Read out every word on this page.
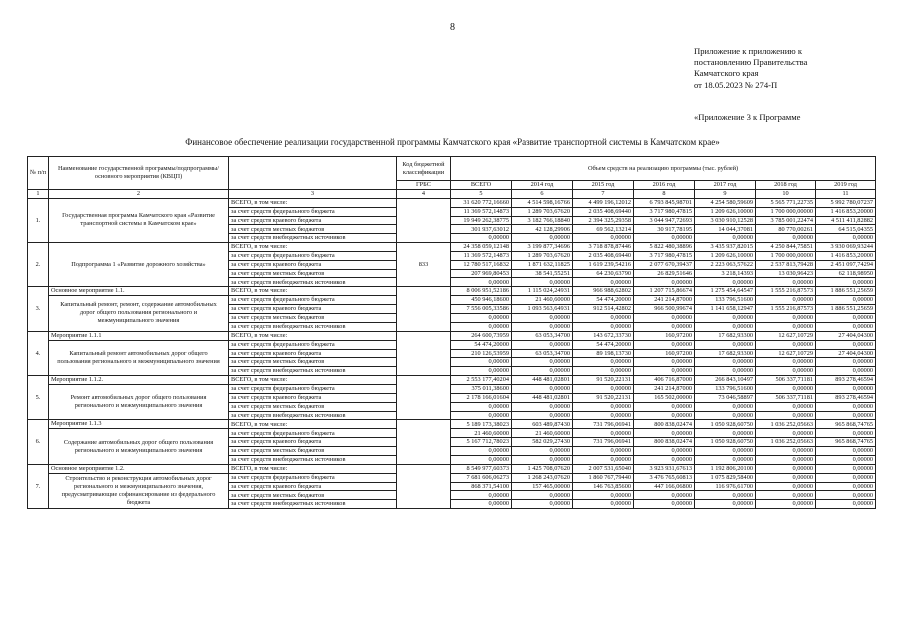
8
Приложение к приложению к
постановлению Правительства
Камчатского края
от 18.05.2023 № 274-П
«Приложение 3 к Программе
Финансовое обеспечение реализации государственной программы Камчатского края «Развитие транспортной системы в Камчатском крае»
№ п/п	Наименование государственной программы/подпрограммы/основного мероприятия (КВЦП)		Код бюджетной классификации	Объем средств на реализацию программы (тыс. рублей)						
			ГРБС	ВСЕГО	2014 год	2015 год	2016 год	2017 год	2018 год	2019 год
1	2	3	4	5	6	7	8	9	10	11
1.	Государственная программа Камчатского края «Развитие транспортной системы в Камчатском крае»	ВСЕГО, в том числе:		31 620 772,16660	4 514 598,16766	4 499 196,12012	6 793 845,98701	4 254 580,59609	5 565 771,22735	5 992 780,07237
		за счет средств федерального бюджета		11 369 572,14873	1 289 703,67620	2 035 408,69440	3 717 980,47815	1 209 626,10000	1 700 000,00000	1 416 853,20000
		за счет средств краевого бюджета		19 949 262,38775	3 182 766,18840	2 394 325,29358	3 044 947,72693	3 030 910,12528	3 785 001,22474	4 511 411,82882
		за счет средств местных бюджетов		301 937,63012	42 128,29906	69 562,13214	30 917,78195	14 044,37081	80 770,00261	64 515,04355
		за счет средств внебюджетных источников		0,00000	0,00000	0,00000	0,00000	0,00000	0,00000	0,00000
2.	Подпрограмма 1 «Развитие дорожного хозяйства»	ВСЕГО, в том числе:	833	24 358 059,12148	3 199 877,34696	3 718 878,87446	5 822 480,38896	3 435 937,82015	4 250 844,75851	3 930 069,93244
		за счет средств федерального бюджета		11 369 572,14873	1 289 703,67620	2 035 408,69440	3 717 980,47815	1 209 626,10000	1 700 000,00000	1 416 853,20000
		за счет средств краевого бюджета		12 780 517,16832	1 871 632,11825	1 619 239,54216	2 077 670,39437	2 223 063,57622	2 537 813,79428	2 451 097,74294
		за счет средств местных бюджетов		207 969,80453	38 541,55251	64 230,63790	26 829,51646	3 218,14393	13 030,96423	62 118,98950
		за счет средств внебюджетных источников		0,00000	0,00000	0,00000	0,00000	0,00000	0,00000	0,00000
3.	Основное мероприятие 1.1.	ВСЕГО, в том числе:		8 006 951,52186	1 115 024,24931	966 988,62802	1 207 715,86674	1 275 454,64547	1 555 216,87573	1 886 551,25659
	Капитальный ремонт, ремонт, содержание автомобильных дорог общего пользования регионального и межмуниципального значения	за счет средств федерального бюджета		450 946,18600	21 460,60000	54 474,20000	241 214,87000	133 796,51600	0,00000	0,00000
		за счет средств краевого бюджета		7 556 005,33586	1 093 563,64931	912 514,42802	966 500,99674	1 141 658,12947	1 555 216,87573	1 886 551,25659
		за счет средств местных бюджетов		0,00000	0,00000	0,00000	0,00000	0,00000	0,00000	0,00000
		за счет средств внебюджетных источников		0,00000	0,00000	0,00000	0,00000	0,00000	0,00000	0,00000
4.	Мероприятие 1.1.1	ВСЕГО, в том числе:		264 600,73959	63 053,34700	143 672,33730	160,97200	17 682,93300	12 627,10729	27 404,04300
	Капитальный ремонт автомобильных дорог общего пользования регионального и межмуниципального значения	за счет средств федерального бюджета		54 474,20000	0,00000	54 474,20000	0,00000	0,00000	0,00000	0,00000
		за счет средств краевого бюджета		210 126,53959	63 053,34700	89 198,13730	160,97200	17 682,93300	12 627,10729	27 404,04300
		за счет средств местных бюджетов		0,00000	0,00000	0,00000	0,00000	0,00000	0,00000	0,00000
		за счет средств внебюджетных источников		0,00000	0,00000	0,00000	0,00000	0,00000	0,00000	0,00000
5.	Мероприятие 1.1.2.	ВСЕГО, в том числе:		2 553 177,40204	448 481,02801	91 520,22131	406 716,87000	266 843,10497	506 337,71181	893 278,46594
	Ремонт автомобильных дорог общего пользования регионального и межмуниципального значения	за счет средств федерального бюджета		375 011,38600	0,00000	0,00000	241 214,87000	133 796,51600	0,00000	0,00000
		за счет средств краевого бюджета		2 178 166,01604	448 481,02801	91 520,22131	165 502,00000	73 046,58897	506 337,71181	893 278,46594
		за счет средств местных бюджетов		0,00000	0,00000	0,00000	0,00000	0,00000	0,00000	0,00000
		за счет средств внебюджетных источников		0,00000	0,00000	0,00000	0,00000	0,00000	0,00000	0,00000
6.	Мероприятие 1.1.3	ВСЕГО, в том числе:		5 189 173,38023	603 489,87430	731 796,06941	800 838,02474	1 050 928,60750	1 036 252,05663	965 868,74765
	Содержание автомобильных дорог общего пользования регионального и межмуниципального значения	за счет средств федерального бюджета		21 460,60000	21 460,60000	0,00000	0,00000	0,00000	0,00000	0,00000
		за счет средств краевого бюджета		5 167 712,78023	582 029,27430	731 796,06941	800 838,02474	1 050 928,60750	1 036 252,05663	965 868,74765
		за счет средств местных бюджетов		0,00000	0,00000	0,00000	0,00000	0,00000	0,00000	0,00000
		за счет средств внебюджетных источников		0,00000	0,00000	0,00000	0,00000	0,00000	0,00000	0,00000
7.	Основное мероприятие 1.2.	ВСЕГО, в том числе:		8 549 977,60373	1 425 708,07620	2 007 531,65040	3 923 931,67613	1 192 806,20100	0,00000	0,00000
	Строительство и реконструкция автомобильных дорог регионального и межмуниципального значения, предусматривающие софинансирование из федерального бюджета	за счет средств федерального бюджета		7 681 606,06273	1 268 243,07620	1 860 767,79440	3 476 765,60813	1 075 829,58400	0,00000	0,00000
		за счет средств краевого бюджета		868 371,54100	157 465,00000	146 763,85600	447 166,06800	116 976,61700	0,00000	0,00000
		за счет средств местных бюджетов		0,00000	0,00000	0,00000	0,00000	0,00000	0,00000	0,00000
		за счет средств внебюджетных источников		0,00000	0,00000	0,00000	0,00000	0,00000	0,00000	0,00000
